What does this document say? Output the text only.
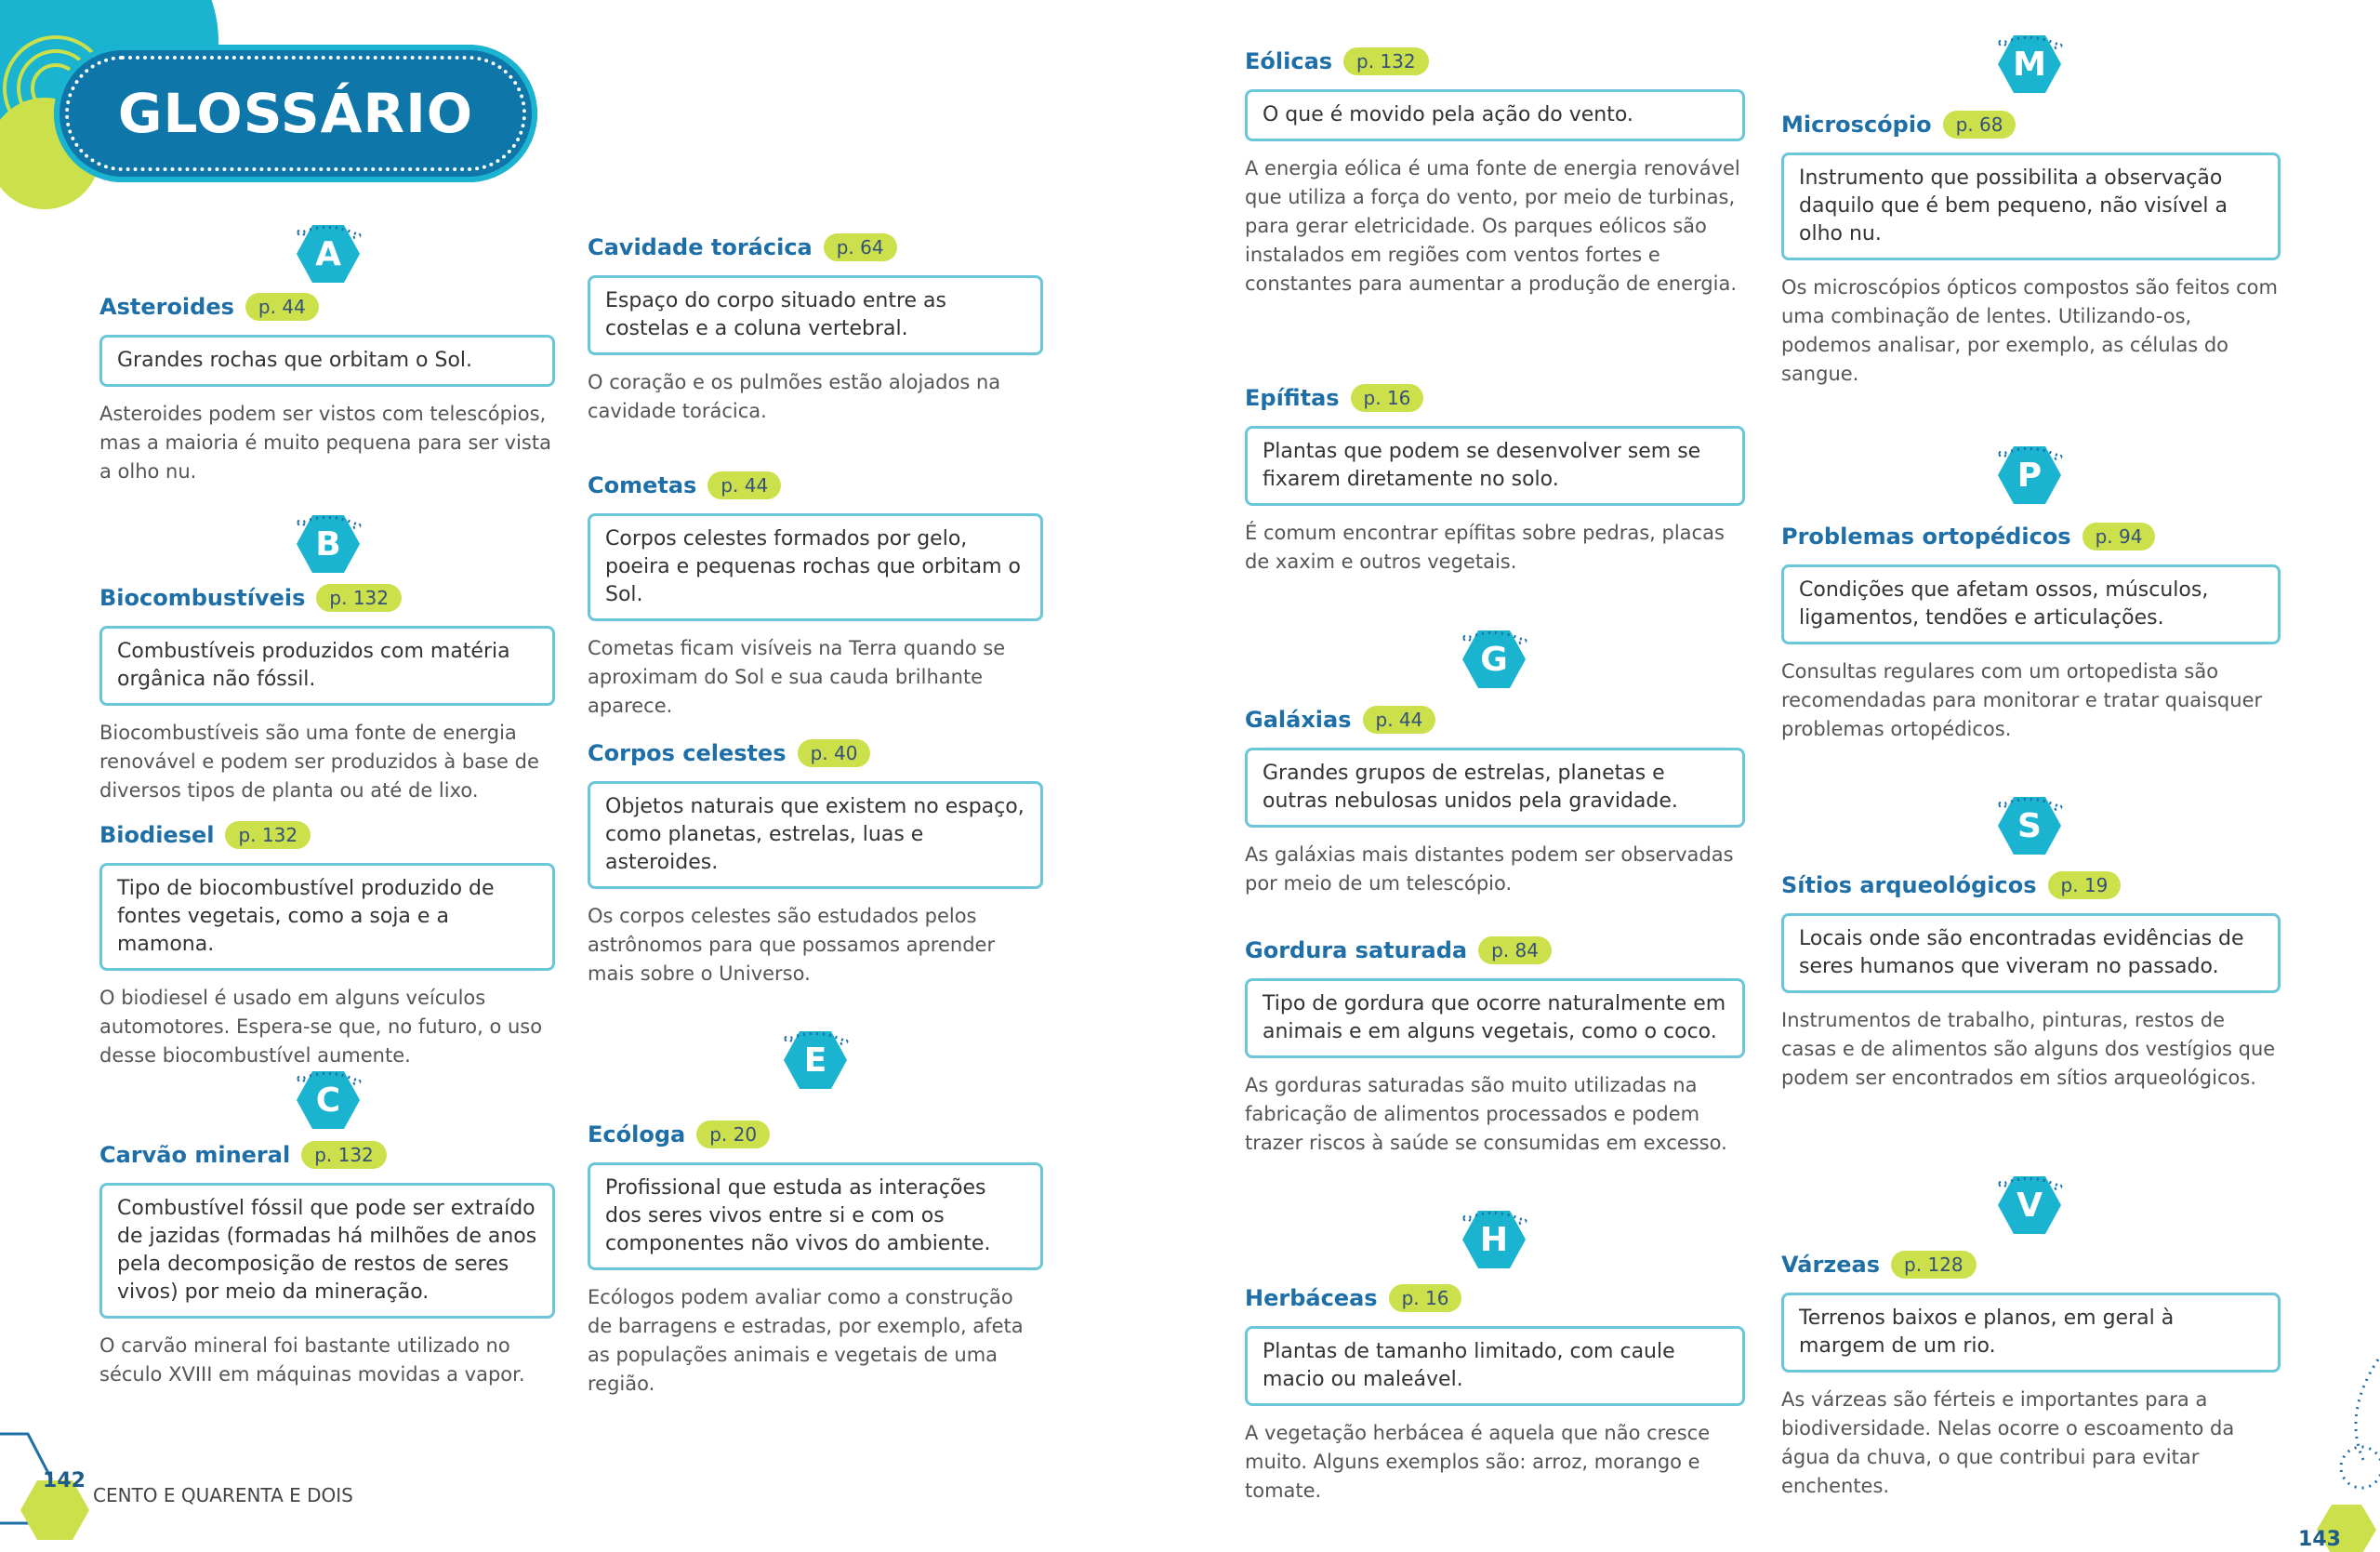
GLOSSÁRIO
A
Asteroides	p. 44
Grandes rochas que orbitam o Sol.
Asteroides podem ser vistos com telescópios, mas a maioria é muito pequena para ser vista a olho nu.
B
Biocombustíveis	p. 132
Combustíveis produzidos com matéria orgânica não fóssil.
Biocombustíveis são uma fonte de energia renovável e podem ser produzidos à base de diversos tipos de planta ou até de lixo.
Biodiesel	p. 132
Tipo de biocombustível produzido de fontes vegetais, como a soja e a mamona.
O biodiesel é usado em alguns veículos automotores. Espera-se que, no futuro, o uso desse biocombustível aumente.
C
Carvão mineral	p. 132
Combustível fóssil que pode ser extraído de jazidas (formadas há milhões de anos pela decomposição de restos de seres vivos) por meio da mineração.
O carvão mineral foi bastante utilizado no século XVIII em máquinas movidas a vapor.
Cavidade torácica	p. 64
Espaço do corpo situado entre as costelas e a coluna vertebral.
O coração e os pulmões estão alojados na cavidade torácica.
Cometas	p. 44
Corpos celestes formados por gelo, poeira e pequenas rochas que orbitam o Sol.
Cometas ficam visíveis na Terra quando se aproximam do Sol e sua cauda brilhante aparece.
Corpos celestes	p. 40
Objetos naturais que existem no espaço, como planetas, estrelas, luas e asteroides.
Os corpos celestes são estudados pelos astrônomos para que possamos aprender mais sobre o Universo.
E
Ecóloga	p. 20
Profissional que estuda as interações dos seres vivos entre si e com os componentes não vivos do ambiente.
Ecólogos podem avaliar como a construção de barragens e estradas, por exemplo, afeta as populações animais e vegetais de uma região.
Eólicas	p. 132
O que é movido pela ação do vento.
A energia eólica é uma fonte de energia renovável que utiliza a força do vento, por meio de turbinas, para gerar eletricidade. Os parques eólicos são instalados em regiões com ventos fortes e constantes para aumentar a produção de energia.
Epífitas	p. 16
Plantas que podem se desenvolver sem se fixarem diretamente no solo.
É comum encontrar epífitas sobre pedras, placas de xaxim e outros vegetais.
G
Galáxias	p. 44
Grandes grupos de estrelas, planetas e outras nebulosas unidos pela gravidade.
As galáxias mais distantes podem ser observadas por meio de um telescópio.
Gordura saturada	p. 84
Tipo de gordura que ocorre naturalmente em animais e em alguns vegetais, como o coco.
As gorduras saturadas são muito utilizadas na fabricação de alimentos processados e podem trazer riscos à saúde se consumidas em excesso.
H
Herbáceas	p. 16
Plantas de tamanho limitado, com caule macio ou maleável.
A vegetação herbácea é aquela que não cresce muito. Alguns exemplos são: arroz, morango e tomate.
M
Microscópio	p. 68
Instrumento que possibilita a observação daquilo que é bem pequeno, não visível a olho nu.
Os microscópios ópticos compostos são feitos com uma combinação de lentes. Utilizando-os, podemos analisar, por exemplo, as células do sangue.
P
Problemas ortopédicos	p. 94
Condições que afetam ossos, músculos, ligamentos, tendões e articulações.
Consultas regulares com um ortopedista são recomendadas para monitorar e tratar quaisquer problemas ortopédicos.
S
Sítios arqueológicos	p. 19
Locais onde são encontradas evidências de seres humanos que viveram no passado.
Instrumentos de trabalho, pinturas, restos de casas e de alimentos são alguns dos vestígios que podem ser encontrados em sítios arqueológicos.
V
Várzeas	p. 128
Terrenos baixos e planos, em geral à margem de um rio.
As várzeas são férteis e importantes para a biodiversidade. Nelas ocorre o escoamento da água da chuva, o que contribui para evitar enchentes.
142
CENTO E QUARENTA E DOIS
143
